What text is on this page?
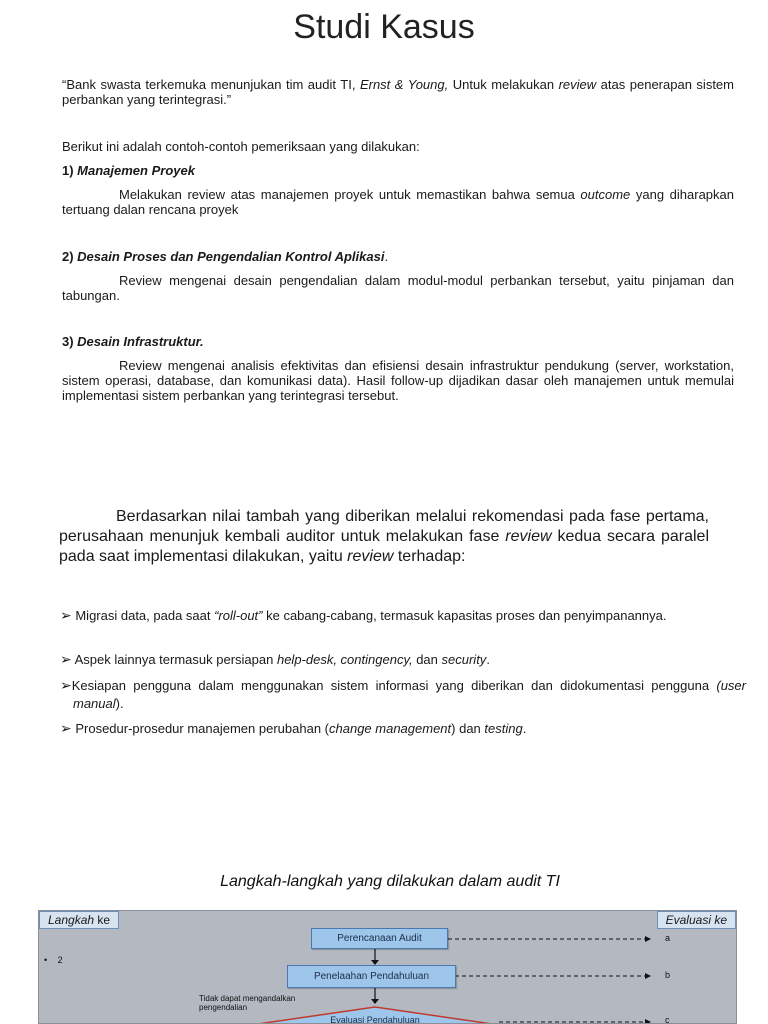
Studi Kasus
“Bank swasta terkemuka menunjukan tim audit TI, Ernst & Young, Untuk melakukan review atas penerapan sistem perbankan yang terintegrasi.”
Berikut ini adalah contoh-contoh pemeriksaan yang dilakukan:
1) Manajemen Proyek
Melakukan review atas manajemen proyek untuk memastikan bahwa semua outcome yang diharapkan tertuang dalan rencana proyek
2) Desain Proses dan Pengendalian Kontrol Aplikasi.
Review mengenai desain pengendalian dalam modul-modul perbankan tersebut, yaitu pinjaman dan tabungan.
3) Desain Infrastruktur.
Review mengenai analisis efektivitas dan efisiensi desain infrastruktur pendukung (server, workstation, sistem operasi, database, dan komunikasi data). Hasil follow-up dijadikan dasar oleh manajemen untuk memulai implementasi sistem perbankan yang terintegrasi tersebut.
Berdasarkan nilai tambah yang diberikan melalui rekomendasi pada fase pertama, perusahaan menunjuk kembali auditor untuk melakukan fase review kedua secara paralel pada saat implementasi dilakukan, yaitu review terhadap:
➢ Migrasi data, pada saat “roll-out” ke cabang-cabang, termasuk kapasitas proses dan penyimpanannya.
➢ Aspek lainnya termasuk persiapan help-desk, contingency, dan security.
➢Kesiapan pengguna dalam menggunakan sistem informasi yang diberikan dan didokumentasi pengguna (user manual).
➢ Prosedur-prosedur manajemen perubahan (change management) dan testing.
Langkah-langkah yang dilakukan dalam audit TI
Langkah ke	Evaluasi ke
• 2
Perencanaan Audit
Penelaahan Pendahuluan
Evaluasi Pendahuluan
Tidak dapat mengandalkan pengendalian
a
b
c
